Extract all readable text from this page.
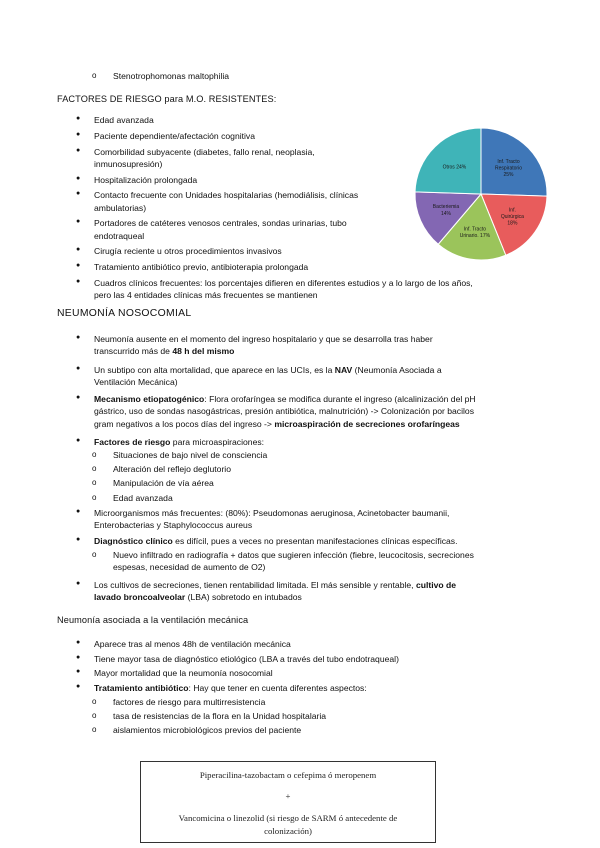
o Stenotrophomonas maltophilia
FACTORES DE RIESGO para M.O. RESISTENTES:
● Edad avanzada
● Paciente dependiente/afectación cognitiva
● Comorbilidad subyacente (diabetes, fallo renal, neoplasia,
inmunosupresión)
● Hospitalización prolongada
● Contacto frecuente con Unidades hospitalarias (hemodiálisis, clínicas
ambulatorias)
● Portadores de catéteres venosos centrales, sondas urinarias, tubo
endotraqueal
● Cirugía reciente u otros procedimientos invasivos
● Tratamiento antibiótico previo, antibioterapia prolongada
● Cuadros clínicos frecuentes: los porcentajes difieren en diferentes estudios y a lo largo de los años,
pero las 4 entidades clínicas más frecuentes se mantienen
Inf. Tracto
Respiratorio
25%
Inf.
Quirúrgica
18%
Inf. Tracto
Urinario. 17%
Bacteriemia
14%
Otros 24%
NEUMONÍA NOSOCOMIAL
● Neumonía ausente en el momento del ingreso hospitalario y que se desarrolla tras haber
transcurrido más de 48 h del mismo
● Un subtipo con alta mortalidad, que aparece en las UCIs, es la NAV (Neumonía Asociada a
Ventilación Mecánica)
● Mecanismo etiopatogénico: Flora orofaríngea se modifica durante el ingreso (alcalinización del pH
gástrico, uso de sondas nasogástricas, presión antibiótica, malnutrición) -> Colonización por bacilos
gram negativos a los pocos días del ingreso -> microaspiración de secreciones orofaríngeas
● Factores de riesgo para microaspiraciones:
o Situaciones de bajo nivel de consciencia
o Alteración del reflejo deglutorio
o Manipulación de vía aérea
o Edad avanzada
● Microorganismos más frecuentes: (80%): Pseudomonas aeruginosa, Acinetobacter baumanii,
Enterobacterias y Staphylococcus aureus
● Diagnóstico clínico es difícil, pues a veces no presentan manifestaciones clínicas específicas.
o Nuevo infiltrado en radiografía + datos que sugieren infección (fiebre, leucocitosis, secreciones
espesas, necesidad de aumento de O2)
● Los cultivos de secreciones, tienen rentabilidad limitada. El más sensible y rentable, cultivo de
lavado broncoalveolar (LBA) sobretodo en intubados
Neumonía asociada a la ventilación mecánica
● Aparece tras al menos 48h de ventilación mecánica
● Tiene mayor tasa de diagnóstico etiológico (LBA a través del tubo endotraqueal)
● Mayor mortalidad que la neumonía nosocomial
● Tratamiento antibiótico: Hay que tener en cuenta diferentes aspectos:
o factores de riesgo para multirresistencia
o tasa de resistencias de la flora en la Unidad hospitalaria
o aislamientos microbiológicos previos del paciente
Piperacilina-tazobactam o cefepima ó meropenem
+
Vancomicina o linezolid (si riesgo de SARM ó antecedente de
colonización)
